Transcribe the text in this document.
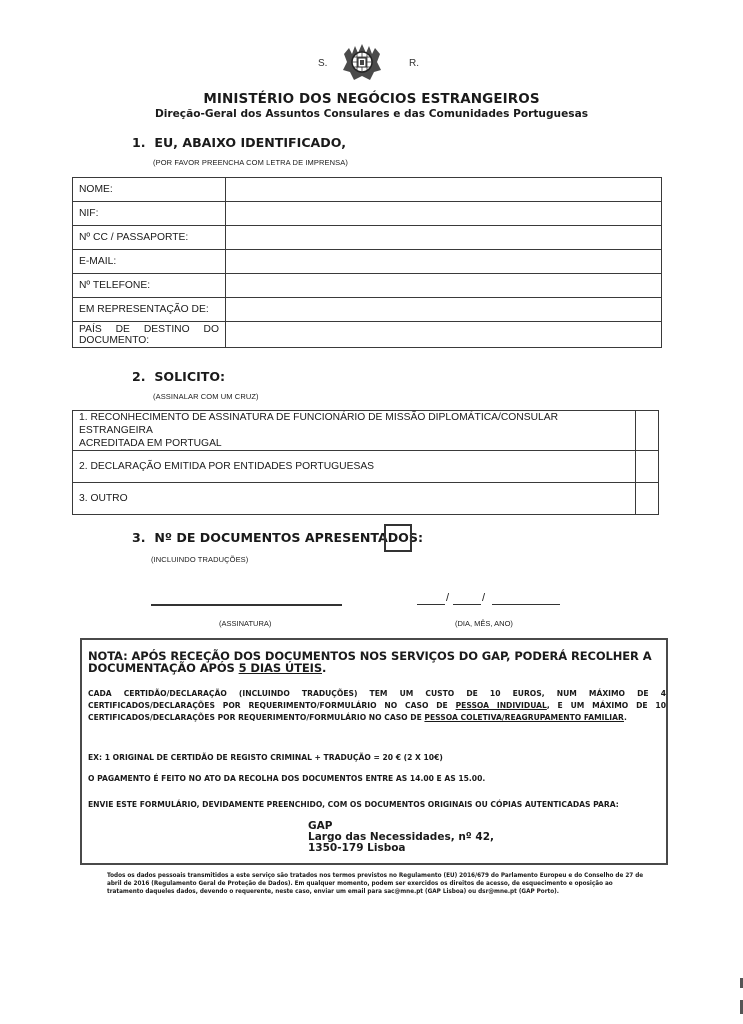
S.	R.
MINISTÉRIO DOS NEGÓCIOS ESTRANGEIROS
Direção-Geral dos Assuntos Consulares e das Comunidades Portuguesas
1. EU, ABAIXO IDENTIFICADO,
(POR FAVOR PREENCHA COM LETRA DE IMPRENSA)
NOME:	
NIF:	
Nº CC / PASSAPORTE:	
E-MAIL:	
Nº TELEFONE:	
EM REPRESENTAÇÃO DE:	

PAÍS DE DESTINO DO
DOCUMENTO:	

2. SOLICITO:
(ASSINALAR COM UM CRUZ)
1. RECONHECIMENTO DE ASSINATURA DE FUNCIONÁRIO DE MISSÃO DIPLOMÁTICA/CONSULAR ESTRANGEIRA
ACREDITADA EM PORTUGAL	
2. DECLARAÇÃO EMITIDA POR ENTIDADES PORTUGUESAS	
3. OUTRO	
3. Nº DE DOCUMENTOS APRESENTADOS:
(INCLUINDO TRADUÇÕES)
(ASSINATURA)
/	/
(DIA, MÊS, ANO)
NOTA: APÓS RECEÇÃO DOS DOCUMENTOS NOS SERVIÇOS DO GAP, PODERÁ RECOLHER A
DOCUMENTAÇÃO APÓS 5 DIAS ÚTEIS.
CADA CERTIDÃO/DECLARAÇÃO (INCLUINDO TRADUÇÕES) TEM UM CUSTO DE 10 EUROS, NUM MÁXIMO DE 4 CERTIFICADOS/DECLARAÇÕES POR REQUERIMENTO/FORMULÁRIO NO CASO DE PESSOA INDIVIDUAL, E UM MÁXIMO DE 10 CERTIFICADOS/DECLARAÇÕES POR REQUERIMENTO/FORMULÁRIO NO CASO DE PESSOA COLETIVA/REAGRUPAMENTO FAMILIAR.
EX: 1 ORIGINAL DE CERTIDÃO DE REGISTO CRIMINAL + TRADUÇÃO = 20 € (2 X 10€)
O PAGAMENTO É FEITO NO ATO DA RECOLHA DOS DOCUMENTOS ENTRE AS 14.00 E AS 15.00.
ENVIE ESTE FORMULÁRIO, DEVIDAMENTE PREENCHIDO, COM OS DOCUMENTOS ORIGINAIS OU CÓPIAS AUTENTICADAS PARA:
GAP
Largo das Necessidades, nº 42,
1350-179 Lisboa
Todos os dados pessoais transmitidos a este serviço são tratados nos termos previstos no Regulamento (EU) 2016/679 do Parlamento Europeu e do Conselho de 27 de abril de 2016 (Regulamento Geral de Proteção de Dados). Em qualquer momento, podem ser exercidos os direitos de acesso, de esquecimento e oposição ao tratamento daqueles dados, devendo o requerente, neste caso, enviar um email para sac@mne.pt (GAP Lisboa) ou dsr@mne.pt (GAP Porto).
